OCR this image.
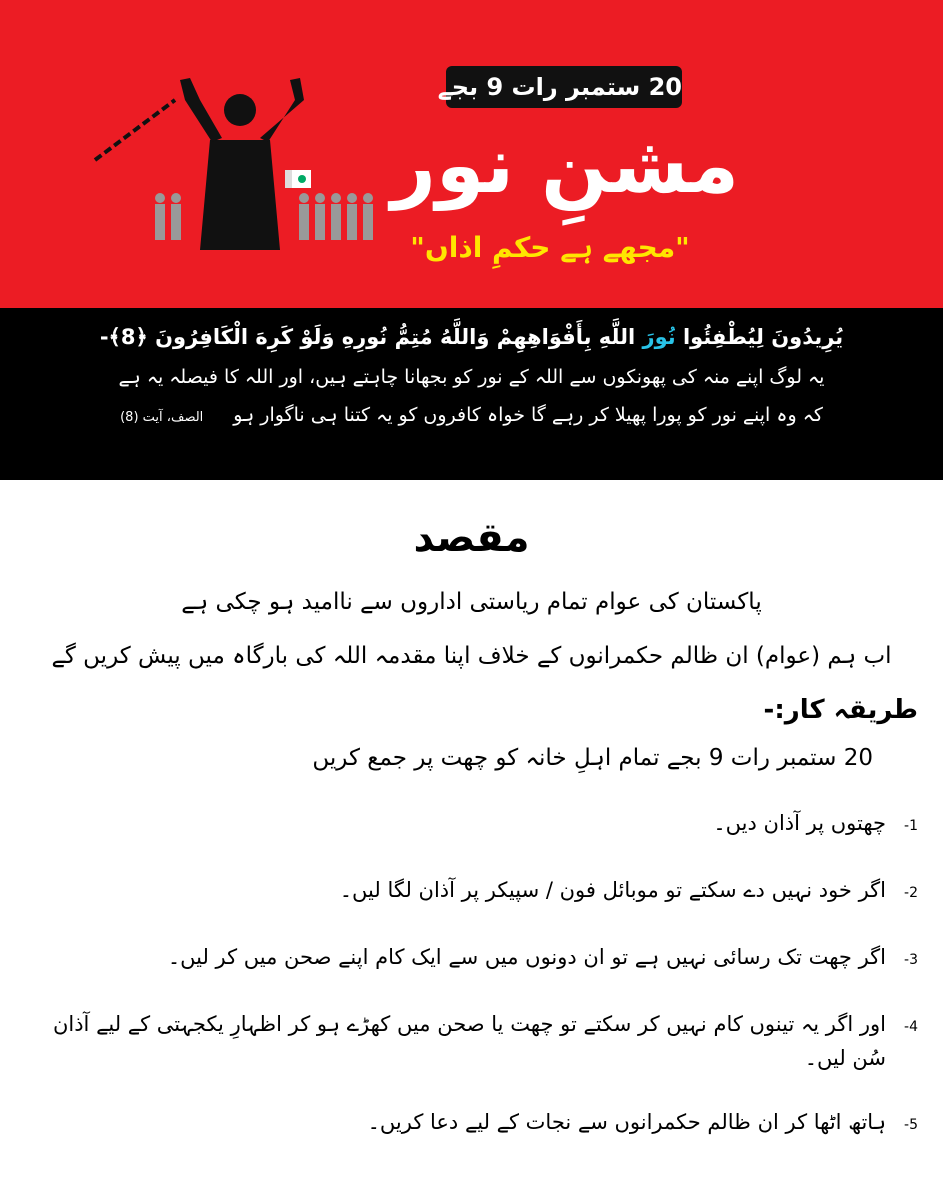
20 ستمبر رات 9 بجے
مشنِ نور
"مجھے ہے حکمِ اذاں"
يُرِيدُونَ لِيُطْفِئُوا نُورَ اللَّهِ بِأَفْوَاهِهِمْ وَاللَّهُ مُتِمُّ نُورِهِ وَلَوْ كَرِهَ الْكَافِرُونَ ﴿8﴾-
یہ لوگ اپنے منہ کی پھونکوں سے اللہ کے نور کو بجھانا چاہتے ہیں، اور اللہ کا فیصلہ یہ ہے
کہ وہ اپنے نور کو پورا پھیلا کر رہے گا خواہ کافروں کو یہ کتنا ہی ناگوار ہو
الصف، آیت (8)
مقصد
پاکستان کی عوام تمام ریاستی اداروں سے ناامید ہو چکی ہے
اب ہم (عوام) ان ظالم حکمرانوں کے خلاف اپنا مقدمہ اللہ کی بارگاہ میں پیش کریں گے
طریقہ کار:-
20 ستمبر رات 9 بجے تمام اہلِ خانہ کو چھت پر جمع کریں
1-
چھتوں پر آذان دیں۔
2-
اگر خود نہیں دے سکتے تو موبائل فون / سپیکر پر آذان لگا لیں۔
3-
اگر چھت تک رسائی نہیں ہے تو ان دونوں میں سے ایک کام اپنے صحن میں کر لیں۔
4-
اور اگر یہ تینوں کام نہیں کر سکتے تو چھت یا صحن میں کھڑے ہو کر اظہارِ یکجہتی کے لیے آذان سُن لیں۔
5-
ہاتھ اٹھا کر ان ظالم حکمرانوں سے نجات کے لیے دعا کریں۔
